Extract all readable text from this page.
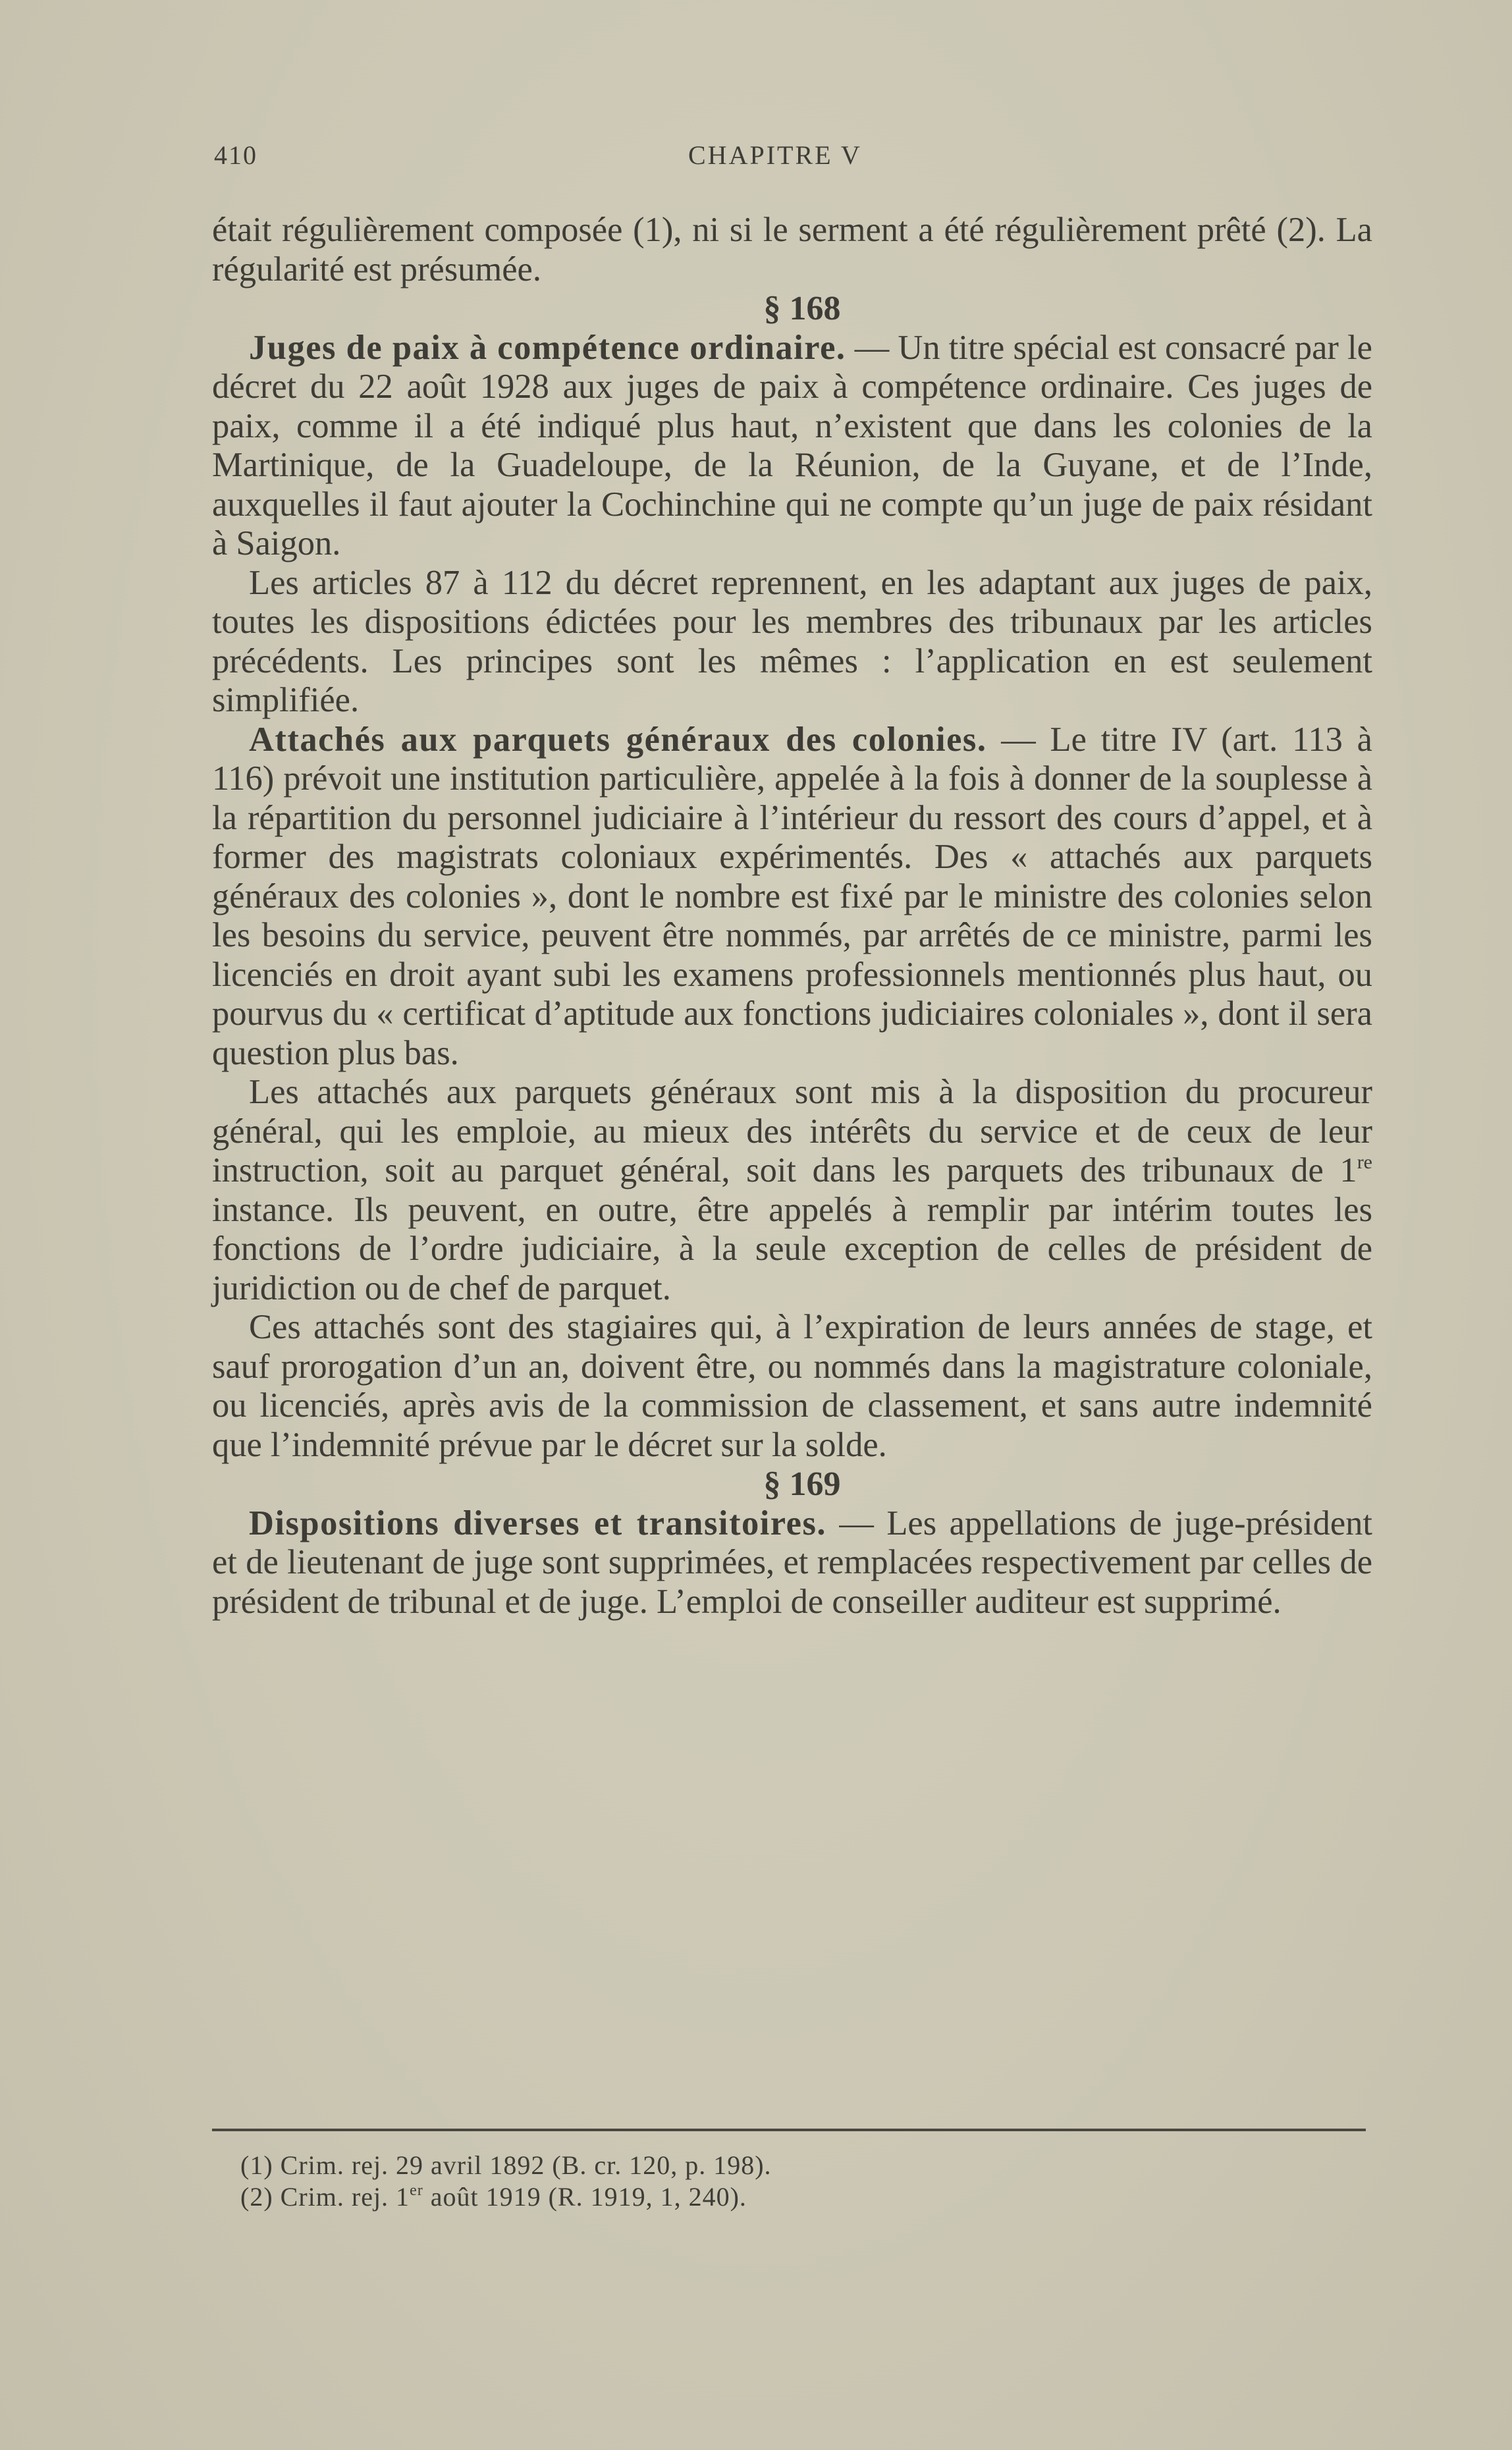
410	CHAPITRE V

était régulièrement composée (1), ni si le serment a été régulièrement prêté (2). La régularité est présumée.

§ 168

Juges de paix à compétence ordinaire. — Un titre spécial est consacré par le décret du 22 août 1928 aux juges de paix à compétence ordinaire. Ces juges de paix, comme il a été indiqué plus haut, n’existent que dans les colonies de la Martinique, de la Guadeloupe, de la Réunion, de la Guyane, et de l’Inde, auxquelles il faut ajouter la Cochinchine qui ne compte qu’un juge de paix résidant à Saigon.

Les articles 87 à 112 du décret reprennent, en les adaptant aux juges de paix, toutes les dispositions édictées pour les membres des tribunaux par les articles précédents. Les principes sont les mêmes : l’application en est seulement simplifiée.

Attachés aux parquets généraux des colonies. — Le titre IV (art. 113 à 116) prévoit une institution particulière, appelée à la fois à donner de la souplesse à la répartition du personnel judiciaire à l’intérieur du ressort des cours d’appel, et à former des magistrats coloniaux expérimentés. Des « attachés aux parquets généraux des colonies », dont le nombre est fixé par le ministre des colonies selon les besoins du service, peuvent être nommés, par arrêtés de ce ministre, parmi les licenciés en droit ayant subi les examens professionnels mentionnés plus haut, ou pourvus du « certificat d’aptitude aux fonctions judiciaires coloniales », dont il sera question plus bas.

Les attachés aux parquets généraux sont mis à la disposition du procureur général, qui les emploie, au mieux des intérêts du service et de ceux de leur instruction, soit au parquet général, soit dans les parquets des tribunaux de 1re instance. Ils peuvent, en outre, être appelés à remplir par intérim toutes les fonctions de l’ordre judiciaire, à la seule exception de celles de président de juridiction ou de chef de parquet.

Ces attachés sont des stagiaires qui, à l’expiration de leurs années de stage, et sauf prorogation d’un an, doivent être, ou nommés dans la magistrature coloniale, ou licenciés, après avis de la commission de classement, et sans autre indemnité que l’indemnité prévue par le décret sur la solde.

§ 169

Dispositions diverses et transitoires. — Les appellations de juge-président et de lieutenant de juge sont supprimées, et remplacées respectivement par celles de président de tribunal et de juge. L’emploi de conseiller auditeur est supprimé.

(1) Crim. rej. 29 avril 1892 (B. cr. 120, p. 198).

(2) Crim. rej. 1er août 1919 (R. 1919, 1, 240).
